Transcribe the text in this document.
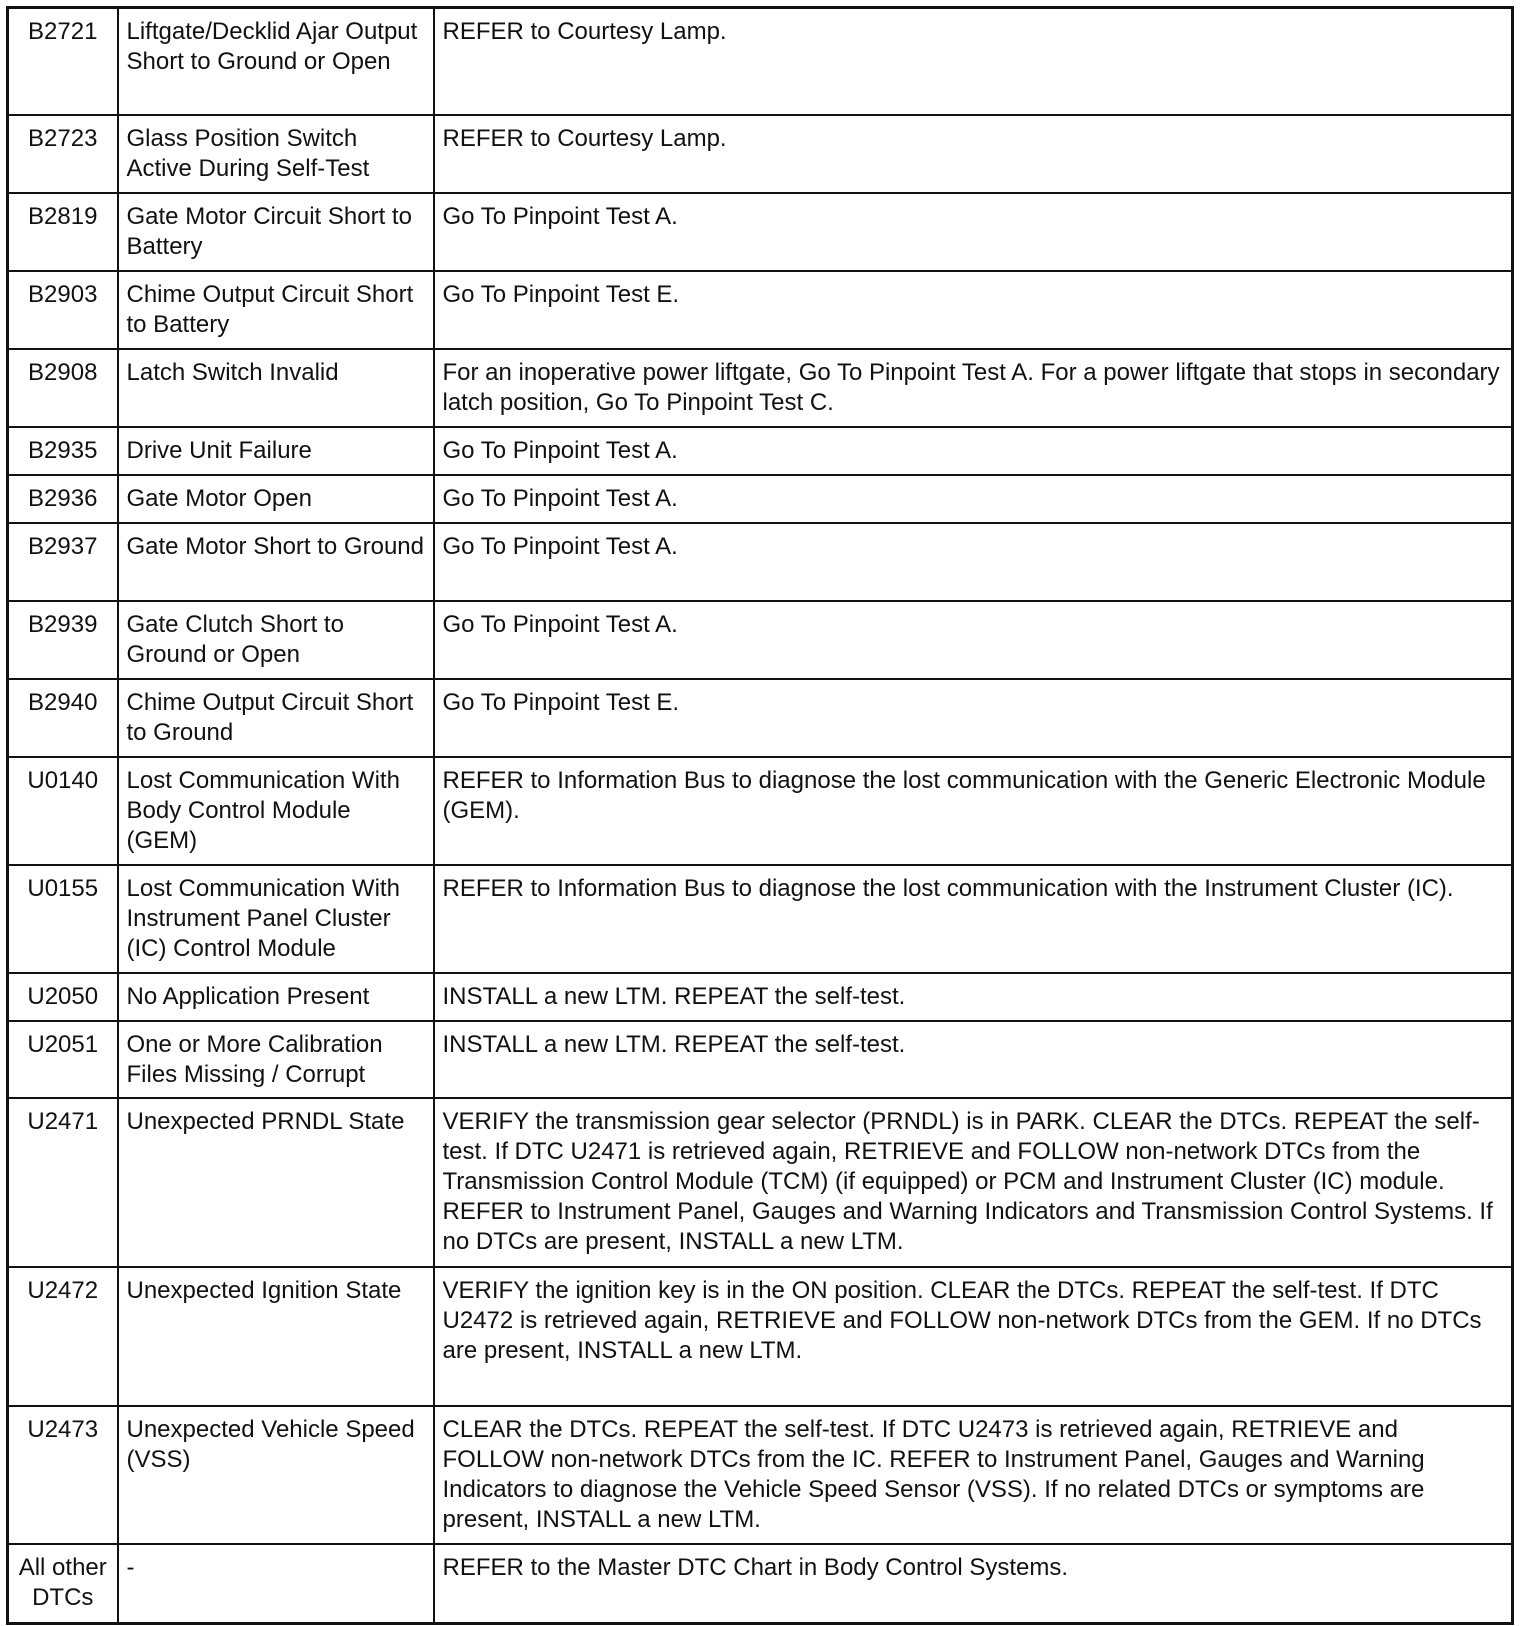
B2721	Liftgate/Decklid Ajar Output Short to Ground or Open	REFER to Courtesy Lamp.
B2723	Glass Position Switch Active During Self-Test	REFER to Courtesy Lamp.
B2819	Gate Motor Circuit Short to Battery	Go To Pinpoint Test A.
B2903	Chime Output Circuit Short to Battery	Go To Pinpoint Test E.
B2908	Latch Switch Invalid	For an inoperative power liftgate, Go To Pinpoint Test A. For a power liftgate that stops in secondary latch position, Go To Pinpoint Test C.
B2935	Drive Unit Failure	Go To Pinpoint Test A.
B2936	Gate Motor Open	Go To Pinpoint Test A.
B2937	Gate Motor Short to Ground	Go To Pinpoint Test A.
B2939	Gate Clutch Short to Ground or Open	Go To Pinpoint Test A.
B2940	Chime Output Circuit Short to Ground	Go To Pinpoint Test E.
U0140	Lost Communication With Body Control Module (GEM)	REFER to Information Bus to diagnose the lost communication with the Generic Electronic Module (GEM).
U0155	Lost Communication With Instrument Panel Cluster (IC) Control Module	REFER to Information Bus to diagnose the lost communication with the Instrument Cluster (IC).
U2050	No Application Present	INSTALL a new LTM. REPEAT the self-test.
U2051	One or More Calibration Files Missing / Corrupt	INSTALL a new LTM. REPEAT the self-test.
U2471	Unexpected PRNDL State	VERIFY the transmission gear selector (PRNDL) is in PARK. CLEAR the DTCs. REPEAT the self-test. If DTC U2471 is retrieved again, RETRIEVE and FOLLOW non-network DTCs from the Transmission Control Module (TCM) (if equipped) or PCM and Instrument Cluster (IC) module. REFER to Instrument Panel, Gauges and Warning Indicators and Transmission Control Systems. If no DTCs are present, INSTALL a new LTM.
U2472	Unexpected Ignition State	VERIFY the ignition key is in the ON position. CLEAR the DTCs. REPEAT the self-test. If DTC U2472 is retrieved again, RETRIEVE and FOLLOW non-network DTCs from the GEM. If no DTCs are present, INSTALL a new LTM.
U2473	Unexpected Vehicle Speed (VSS)	CLEAR the DTCs. REPEAT the self-test. If DTC U2473 is retrieved again, RETRIEVE and FOLLOW non-network DTCs from the IC. REFER to Instrument Panel, Gauges and Warning Indicators to diagnose the Vehicle Speed Sensor (VSS). If no related DTCs or symptoms are present, INSTALL a new LTM.
All other DTCs	-	REFER to the Master DTC Chart in Body Control Systems.
